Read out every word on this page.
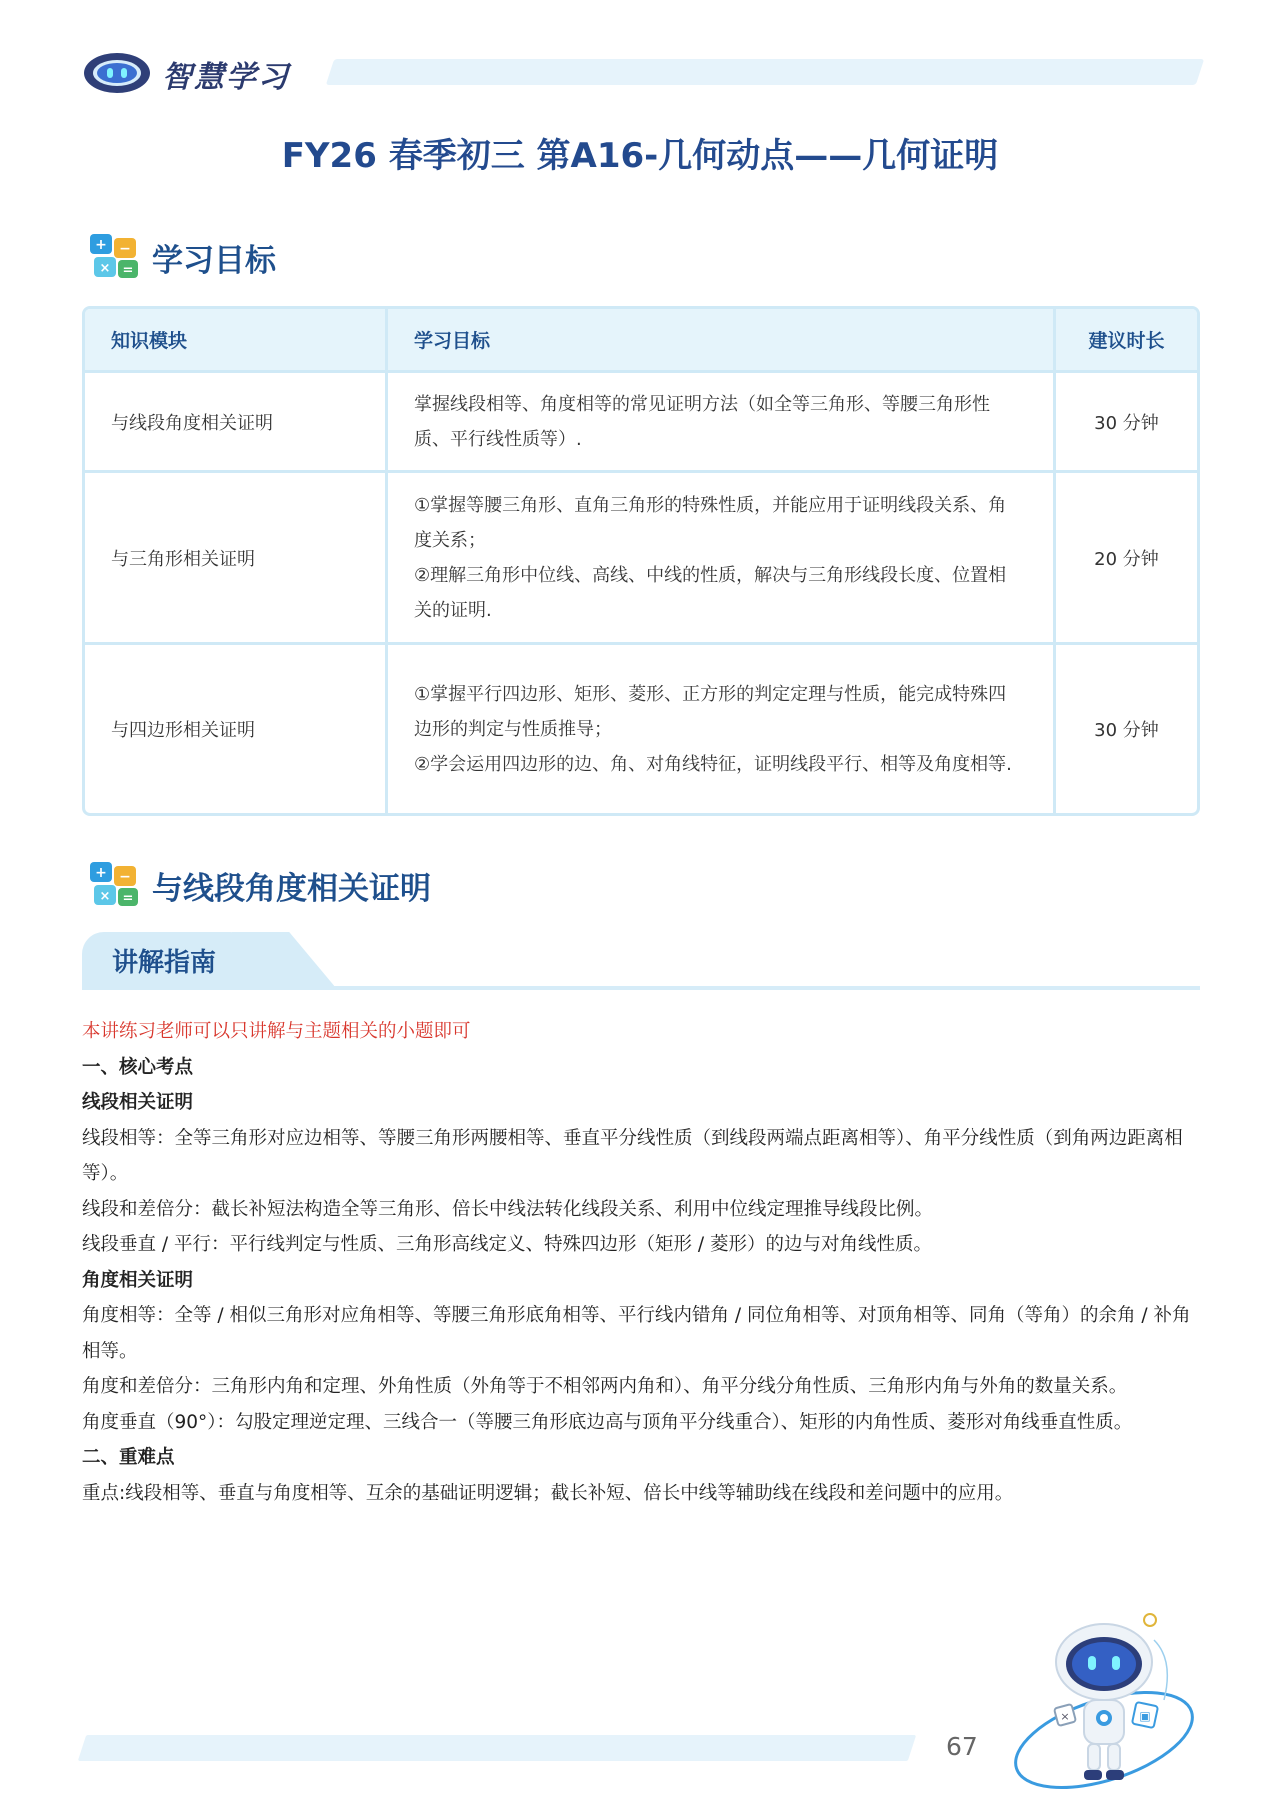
智慧学习
FY26 春季初三 第A16-几何动点——几何证明
+ −
× = 学习目标
知识模块	学习目标	建议时长
与线段角度相关证明	掌握线段相等、角度相等的常见证明方法（如全等三角形、等腰三角形性质、平行线性质等）.	30 分钟
与三角形相关证明	①掌握等腰三角形、直角三角形的特殊性质，并能应用于证明线段关系、角度关系；
②理解三角形中位线、高线、中线的性质，解决与三角形线段长度、位置相关的证明.	20 分钟
与四边形相关证明	①掌握平行四边形、矩形、菱形、正方形的判定定理与性质，能完成特殊四边形的判定与性质推导；
②学会运用四边形的边、角、对角线特征，证明线段平行、相等及角度相等.	30 分钟
+ −
× = 与线段角度相关证明
讲解指南
本讲练习老师可以只讲解与主题相关的小题即可
一、核心考点
线段相关证明
线段相等：全等三角形对应边相等、等腰三角形两腰相等、垂直平分线性质（到线段两端点距离相等）、角平分线性质（到角两边距离相等）。
线段和差倍分：截长补短法构造全等三角形、倍长中线法转化线段关系、利用中位线定理推导线段比例。
线段垂直 / 平行：平行线判定与性质、三角形高线定义、特殊四边形（矩形 / 菱形）的边与对角线性质。
角度相关证明
角度相等：全等 / 相似三角形对应角相等、等腰三角形底角相等、平行线内错角 / 同位角相等、对顶角相等、同角（等角）的余角 / 补角相等。
角度和差倍分：三角形内角和定理、外角性质（外角等于不相邻两内角和）、角平分线分角性质、三角形内角与外角的数量关系。
角度垂直（90°）：勾股定理逆定理、三线合一（等腰三角形底边高与顶角平分线重合）、矩形的内角性质、菱形对角线垂直性质。
二、重难点
重点:线段相等、垂直与角度相等、互余的基础证明逻辑；截长补短、倍长中线等辅助线在线段和差问题中的应用。
×	▣
67
